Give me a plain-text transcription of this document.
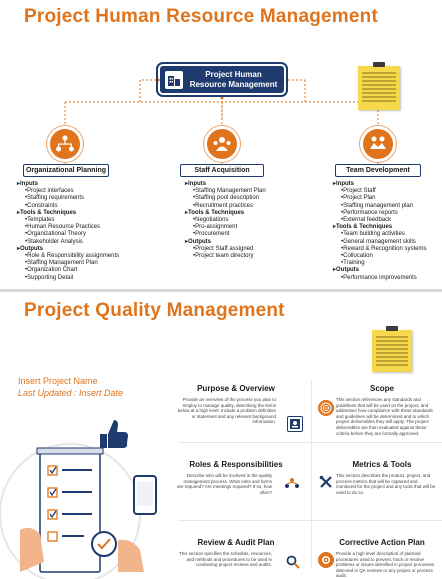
Project Human Resource Management
Project Human Resource Management
Organizational Planning	Staff Acquisition	Team Development
▸ Inputs
• Project interfaces
• Staffing requirements
• Constraints
▸ Tools & Techniques
• Templates
• Human Resource Practices
• Organizational Theory
• Stakeholder Analysis
▸ Outputs
• Role & Responsibility assignments
• Staffing Management Plan
• Organization Chart
• Supporting Detail
▸ Inputs
• Staffing Management Plan
• Staffing pool description
• Recruitment practices
▸ Tools & Techniques
• Negotiations
• Pro-assignment
• Procurement
▸ Outputs
• Project Staff assigned
• Project team directory
▸ Inputs
• Project Staff
• Project Plan
• Staffing management plan
• Performance reports
• External feedback
▸ Tools & Techniques
• Team building activities
• General management skills
• Reward & Recognition systems
• Collocation
• Training
▸ Outputs
• Performance improvements
Project Quality Management
Insert Project Name
Last Updated : Insert Date	Purpose & Overview
Provide an overview of the process you plan to employ to manage quality, describing the items below at a high level. Include a problem definition or statement and any relevant background information.
Scope
This section references any standards and guidelines that will be used on the project, and addresses how compliance with these standards and guidelines will be determined and to which project deliverables they will apply. The project deliverables are then evaluated against these criteria before they are formally approved.
Roles & Responsibilities
Describe who will be involved in the quality management process. What roles and forms are required? Are meetings required? If so, how often?
Metrics & Tools
This section describes the product, project, and process metrics that will be captured and monitored for the project and any tools that will be used to do so.
Review & Audit Plan
This section specifies the schedule, resources, and methods and procedures to be used in conducting project reviews and audits.
Corrective Action Plan
Provide a high level description of planned procedures used to prevent, track or resolve problems or issues identified in project processes detected in QA reviews or any project or process audit.
